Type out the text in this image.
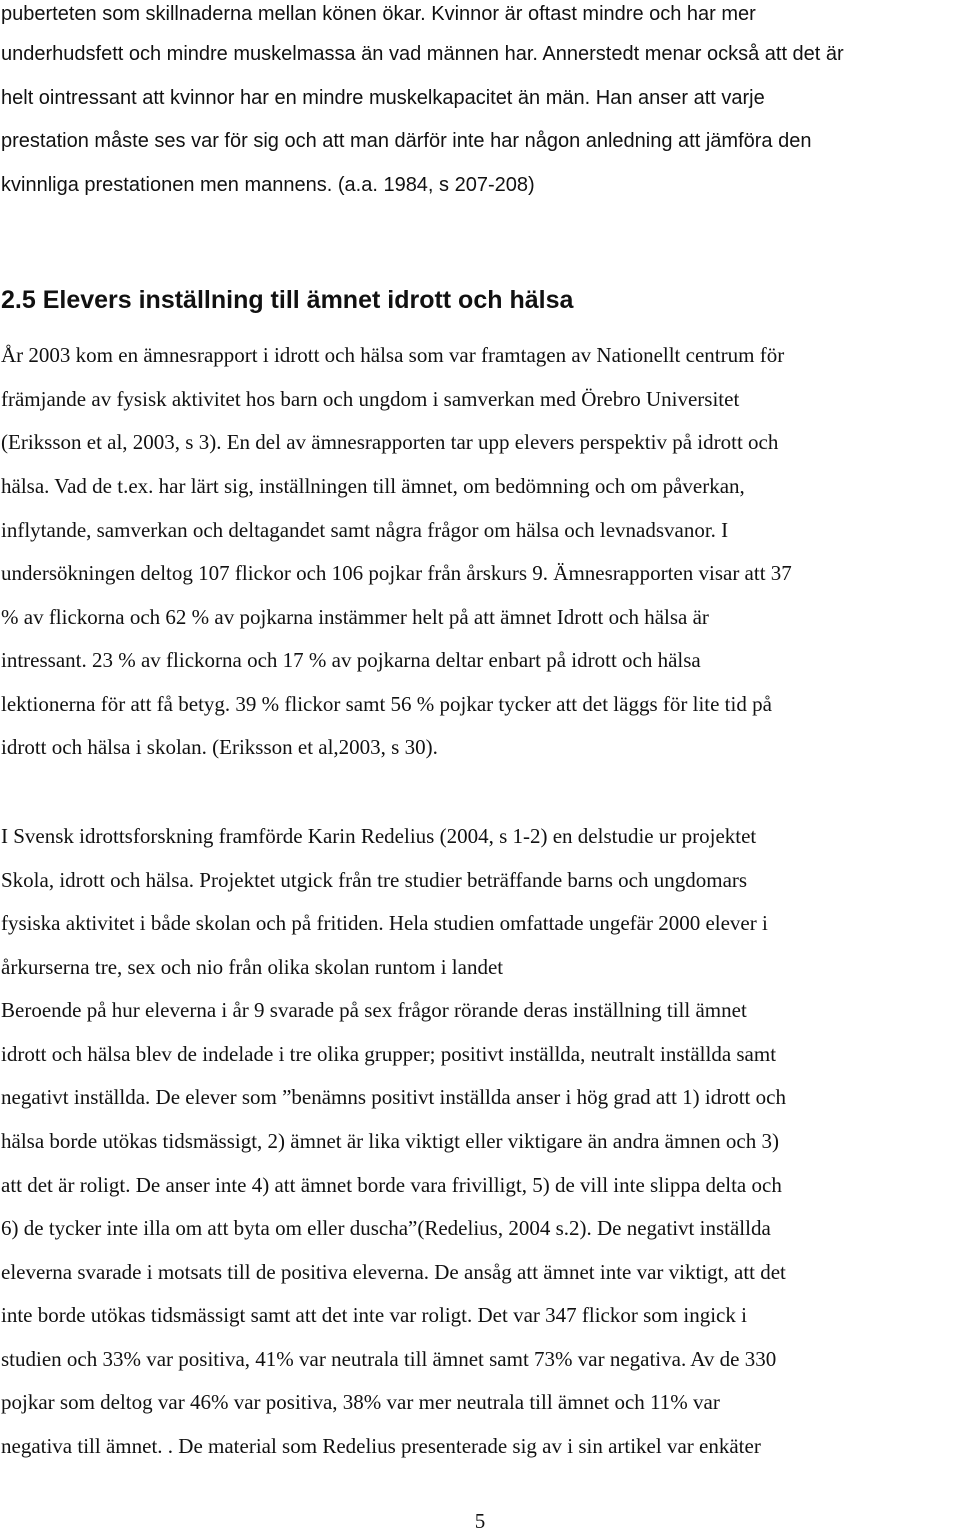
puberteten som skillnaderna mellan könen ökar. Kvinnor är oftast mindre och har mer
underhudsfett och mindre muskelmassa än vad männen har. Annerstedt menar också att det är
helt ointressant att kvinnor har en mindre muskelkapacitet än män. Han anser att varje
prestation måste ses var för sig och att man därför inte har någon anledning att jämföra den
kvinnliga prestationen men mannens. (a.a. 1984, s 207-208)
2.5 Elevers inställning till ämnet idrott och hälsa
År 2003 kom en ämnesrapport i idrott och hälsa som var framtagen av Nationellt centrum för
främjande av fysisk aktivitet hos barn och ungdom i samverkan med Örebro Universitet
(Eriksson et al, 2003, s 3). En del av ämnesrapporten tar upp elevers perspektiv på idrott och
hälsa. Vad de t.ex. har lärt sig, inställningen till ämnet, om bedömning och om påverkan,
inflytande, samverkan och deltagandet samt några frågor om hälsa och levnadsvanor. I
undersökningen deltog 107 flickor och 106 pojkar från årskurs 9. Ämnesrapporten visar att 37
% av flickorna och 62 % av pojkarna instämmer helt på att ämnet Idrott och hälsa är
intressant. 23 % av flickorna och 17 % av pojkarna deltar enbart på idrott och hälsa
lektionerna för att få betyg. 39 % flickor samt 56 % pojkar tycker att det läggs för lite tid på
idrott och hälsa i skolan. (Eriksson et al,2003, s 30).
I Svensk idrottsforskning framförde Karin Redelius (2004, s 1-2) en delstudie ur projektet
Skola, idrott och hälsa. Projektet utgick från tre studier beträffande barns och ungdomars
fysiska aktivitet i både skolan och på fritiden. Hela studien omfattade ungefär 2000 elever i
årkurserna tre, sex och nio från olika skolan runtom i landet
Beroende på hur eleverna i år 9 svarade på sex frågor rörande deras inställning till ämnet
idrott och hälsa blev de indelade i tre olika grupper; positivt inställda, neutralt inställda samt
negativt inställda. De elever som ”benämns positivt inställda anser i hög grad att 1) idrott och
hälsa borde utökas tidsmässigt, 2) ämnet är lika viktigt eller viktigare än andra ämnen och 3)
att det är roligt. De anser inte 4) att ämnet borde vara frivilligt, 5) de vill inte slippa delta och
6) de tycker inte illa om att byta om eller duscha”(Redelius, 2004 s.2). De negativt inställda
eleverna svarade i motsats till de positiva eleverna. De ansåg att ämnet inte var viktigt, att det
inte borde utökas tidsmässigt samt att det inte var roligt. Det var 347 flickor som ingick i
studien och 33% var positiva, 41% var neutrala till ämnet samt 73% var negativa. Av de 330
pojkar som deltog var 46% var positiva, 38% var mer neutrala till ämnet och 11% var
negativa till ämnet. . De material som Redelius presenterade sig av i sin artikel var enkäter
5
